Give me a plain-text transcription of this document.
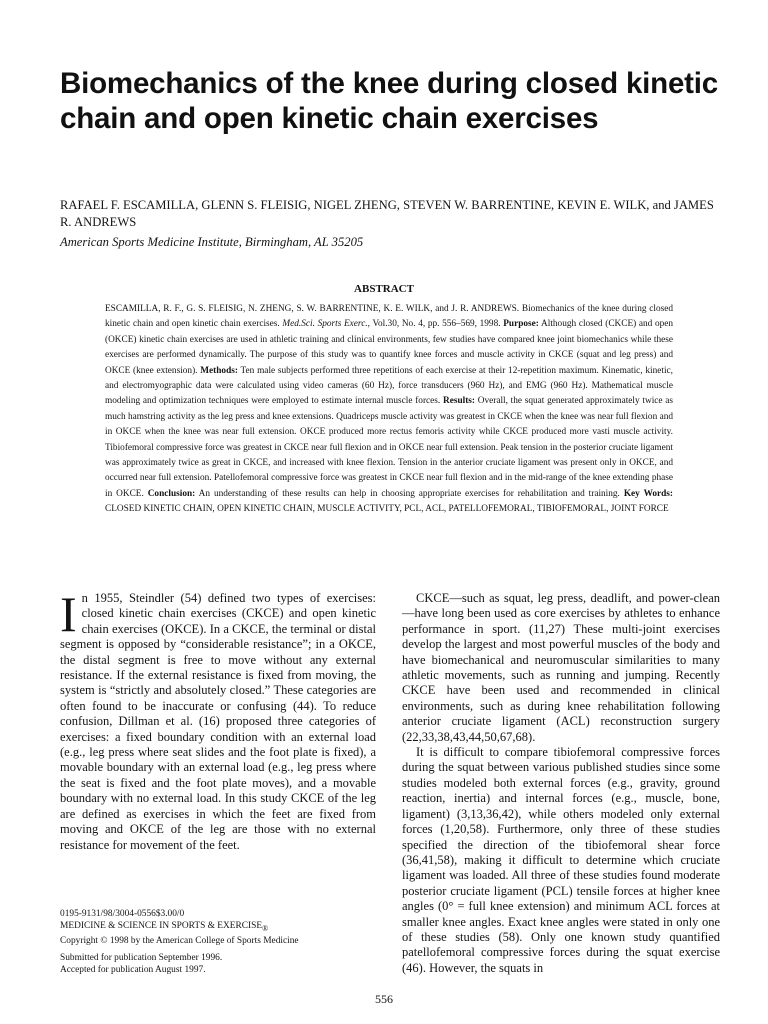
Biomechanics of the knee during closed kinetic chain and open kinetic chain exercises
RAFAEL F. ESCAMILLA, GLENN S. FLEISIG, NIGEL ZHENG, STEVEN W. BARRENTINE, KEVIN E. WILK, and JAMES R. ANDREWS
American Sports Medicine Institute, Birmingham, AL 35205
ABSTRACT
ESCAMILLA, R. F., G. S. FLEISIG, N. ZHENG, S. W. BARRENTINE, K. E. WILK, and J. R. ANDREWS. Biomechanics of the knee during closed kinetic chain and open kinetic chain exercises. Med.Sci. Sports Exerc., Vol.30, No. 4, pp. 556–569, 1998. Purpose: Although closed (CKCE) and open (OKCE) kinetic chain exercises are used in athletic training and clinical environments, few studies have compared knee joint biomechanics while these exercises are performed dynamically. The purpose of this study was to quantify knee forces and muscle activity in CKCE (squat and leg press) and OKCE (knee extension). Methods: Ten male subjects performed three repetitions of each exercise at their 12-repetition maximum. Kinematic, kinetic, and electromyographic data were calculated using video cameras (60 Hz), force transducers (960 Hz), and EMG (960 Hz). Mathematical muscle modeling and optimization techniques were employed to estimate internal muscle forces. Results: Overall, the squat generated approximately twice as much hamstring activity as the leg press and knee extensions. Quadriceps muscle activity was greatest in CKCE when the knee was near full flexion and in OKCE when the knee was near full extension. OKCE produced more rectus femoris activity while CKCE produced more vasti muscle activity. Tibiofemoral compressive force was greatest in CKCE near full flexion and in OKCE near full extension. Peak tension in the posterior cruciate ligament was approximately twice as great in CKCE, and increased with knee flexion. Tension in the anterior cruciate ligament was present only in OKCE, and occurred near full extension. Patellofemoral compressive force was greatest in CKCE near full flexion and in the mid-range of the knee extending phase in OKCE. Conclusion: An understanding of these results can help in choosing appropriate exercises for rehabilitation and training. Key Words: CLOSED KINETIC CHAIN, OPEN KINETIC CHAIN, MUSCLE ACTIVITY, PCL, ACL, PATELLOFEMORAL, TIBIOFEMORAL, JOINT FORCE

In 1955, Steindler (54) defined two types of exercises: closed kinetic chain exercises (CKCE) and open kinetic chain exercises (OKCE). In a CKCE, the terminal or distal segment is opposed by “considerable resistance”; in a OKCE, the distal segment is free to move without any external resistance. If the external resistance is fixed from moving, the system is “strictly and absolutely closed.” These categories are often found to be inaccurate or confusing (44). To reduce confusion, Dillman et al. (16) proposed three categories of exercises: a fixed boundary condition with an external load (e.g., leg press where seat slides and the foot plate is fixed), a movable boundary with an external load (e.g., leg press where the seat is fixed and the foot plate moves), and a movable boundary with no external load. In this study CKCE of the leg are defined as exercises in which the feet are fixed from moving and OKCE of the leg are those with no external resistance for movement of the feet.

CKCE—such as squat, leg press, deadlift, and power-clean—have long been used as core exercises by athletes to enhance performance in sport. (11,27) These multi-joint exercises develop the largest and most powerful muscles of the body and have biomechanical and neuromuscular similarities to many athletic movements, such as running and jumping. Recently CKCE have been used and recommended in clinical environments, such as during knee rehabilitation following anterior cruciate ligament (ACL) reconstruction surgery (22,33,38,43,44,50,67,68).

It is difficult to compare tibiofemoral compressive forces during the squat between various published studies since some studies modeled both external forces (e.g., gravity, ground reaction, inertia) and internal forces (e.g., muscle, bone, ligament) (3,13,36,42), while others modeled only external forces (1,20,58). Furthermore, only three of these studies specified the direction of the tibiofemoral shear force (36,41,58), making it difficult to determine which cruciate ligament was loaded. All three of these studies found moderate posterior cruciate ligament (PCL) tensile forces at higher knee angles (0° = full knee extension) and minimum ACL forces at smaller knee angles. Exact knee angles were stated in only one of these studies (58). Only one known study quantified patellofemoral compressive forces during the squat exercise (46). However, the squats in

0195-9131/98/3004-0556$3.00/0
MEDICINE & SCIENCE IN SPORTS & $EXERCISE_®$
Copyright © 1998 by the American College of Sports Medicine
Submitted for publication September 1996.
Accepted for publication August 1997.
556
